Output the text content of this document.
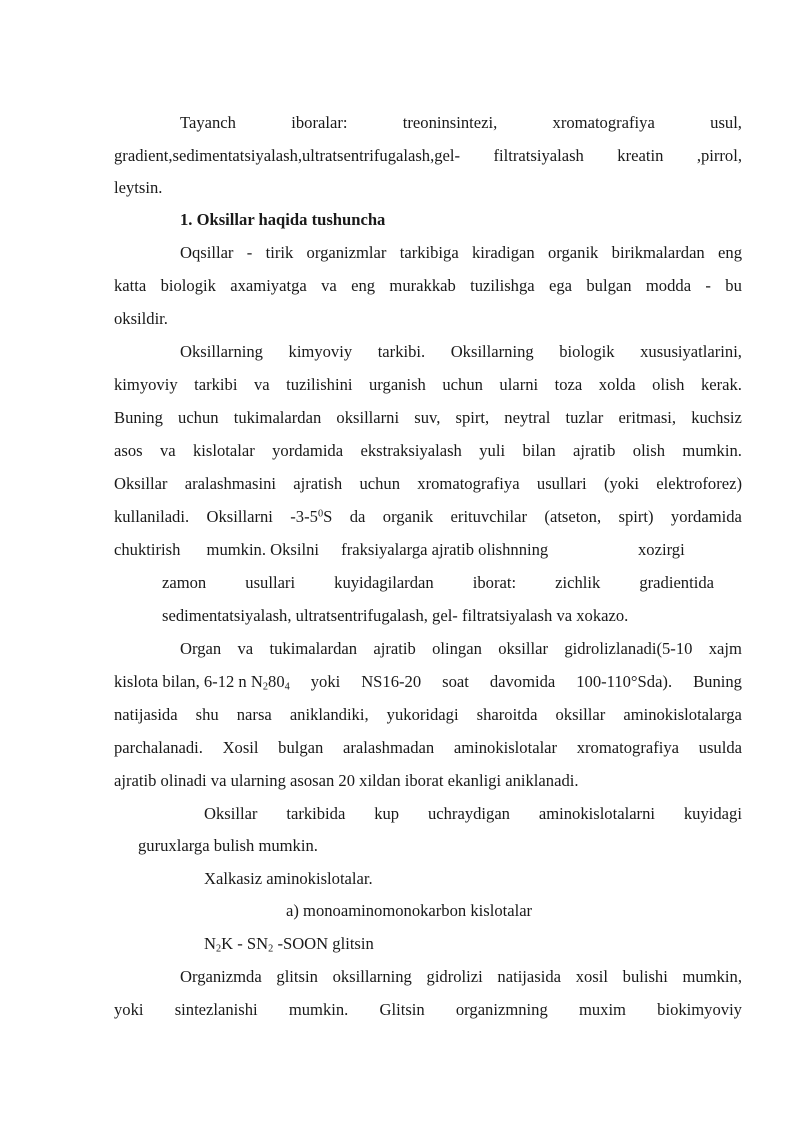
Tayanch	iboralar:	treoninsintezi,	xromatografiya	usul,
gradient,sedimentatsiyalash,ultratsentrifugalash,gel- filtratsiyalash kreatin ,pirrol,
leytsin.
1. Oksillar haqida tushuncha
Oqsillar - tirik organizmlar tarkibiga kiradigan organik birikmalardan eng
katta biologik axamiyatga va eng murakkab tuzilishga ega bulgan modda - bu
oksildir.
Oksillarning kimyoviy tarkibi. Oksillarning biologik xususiyatlarini,
kimyoviy tarkibi va tuzilishini urganish uchun ularni toza xolda olish kerak.
Buning uchun tukimalardan oksillarni suv, spirt, neytral tuzlar eritmasi, kuchsiz
asos va kislotalar yordamida ekstraksiyalash yuli bilan ajratib olish mumkin.
Oksillar aralashmasini ajratish uchun xromatografiya usullari (yoki elektroforez)
kullaniladi. Oksillarni $-3-5^0S$ da organik erituvchilar (atseton, spirt) yordamida
chuktirish mumkin. Oksilni fraksiyalarga ajratib olishnning	xozirgi
zamon usullari kuyidagilardan iborat: zichlik gradientida
sedimentatsiyalash, ultratsentrifugalash, gel- filtratsiyalash va xokazo.
Organ va tukimalardan ajratib olingan oksillar gidrolizlanadi(5-10 xajm
kislota bilan, 6-12 n $N_280_4$ yoki NS16-20 soat davomida 100-110°Sda). Buning
natijasida shu narsa aniklandiki, yukoridagi sharoitda oksillar aminokislotalarga
parchalanadi. Xosil bulgan aralashmadan aminokislotalar xromatografiya usulda
ajratib olinadi va ularning asosan 20 xildan iborat ekanligi aniklanadi.
Oksillar tarkibida kup uchraydigan aminokislotalarni kuyidagi
guruxlarga bulish mumkin.
Xalkasiz aminokislotalar.
a) monoaminomonokarbon kislotalar
$N_2K - SN_2$ -SOON glitsin
Organizmda glitsin oksillarning gidrolizi natijasida xosil bulishi mumkin,
yoki sintezlanishi mumkin. Glitsin organizmning muxim biokimyoviy
